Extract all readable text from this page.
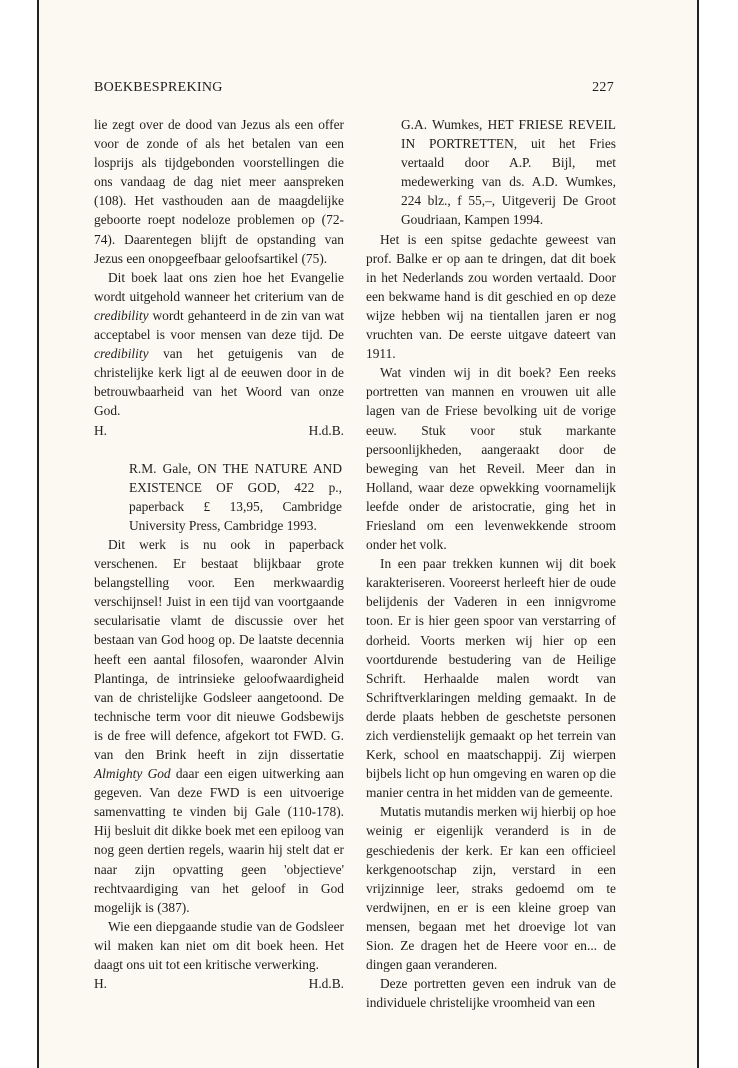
BOEKBESPREKING	227

lie zegt over de dood van Jezus als een offer voor de zonde of als het betalen van een losprijs als tijdgebonden voorstellingen die ons vandaag de dag niet meer aanspreken (108). Het vasthouden aan de maagdelijke geboorte roept nodeloze problemen op (72-74). Daarentegen blijft de opstanding van Jezus een onopgeefbaar geloofsartikel (75).

Dit boek laat ons zien hoe het Evangelie wordt uitgehold wanneer het criterium van de credibility wordt gehanteerd in de zin van wat acceptabel is voor mensen van deze tijd. De credibility van het getuigenis van de christelijke kerk ligt al de eeuwen door in de betrouwbaarheid van het Woord van onze God.

H.	H.d.B.

R.M. Gale, ON THE NATURE AND EXISTENCE OF GOD, 422 p., paperback £ 13,95, Cambridge University Press, Cambridge 1993.

Dit werk is nu ook in paperback verschenen. Er bestaat blijkbaar grote belangstelling voor. Een merkwaardig verschijnsel! Juist in een tijd van voortgaande secularisatie vlamt de discussie over het bestaan van God hoog op. De laatste decennia heeft een aantal filosofen, waaronder Alvin Plantinga, de intrinsieke geloofwaardigheid van de christelijke Godsleer aangetoond. De technische term voor dit nieuwe Godsbewijs is de free will defence, afgekort tot FWD. G. van den Brink heeft in zijn dissertatie Almighty God daar een eigen uitwerking aan gegeven. Van deze FWD is een uitvoerige samenvatting te vinden bij Gale (110-178). Hij besluit dit dikke boek met een epiloog van nog geen dertien regels, waarin hij stelt dat er naar zijn opvatting geen 'objectieve' rechtvaardiging van het geloof in God mogelijk is (387).

Wie een diepgaande studie van de Godsleer wil maken kan niet om dit boek heen. Het daagt ons uit tot een kritische verwerking.

H.	H.d.B.

G.A. Wumkes, HET FRIESE REVEIL IN PORTRETTEN, uit het Fries vertaald door A.P. Bijl, met medewerking van ds. A.D. Wumkes, 224 blz., f 55,–, Uitgeverij De Groot Goudriaan, Kampen 1994.

Het is een spitse gedachte geweest van prof. Balke er op aan te dringen, dat dit boek in het Nederlands zou worden vertaald. Door een bekwame hand is dit geschied en op deze wijze hebben wij na tientallen jaren er nog vruchten van. De eerste uitgave dateert van 1911.

Wat vinden wij in dit boek? Een reeks portretten van mannen en vrouwen uit alle lagen van de Friese bevolking uit de vorige eeuw. Stuk voor stuk markante persoonlijkheden, aangeraakt door de beweging van het Reveil. Meer dan in Holland, waar deze opwekking voornamelijk leefde onder de aristocratie, ging het in Friesland om een levenwekkende stroom onder het volk.

In een paar trekken kunnen wij dit boek karakteriseren. Vooreerst herleeft hier de oude belijdenis der Vaderen in een innigvrome toon. Er is hier geen spoor van verstarring of dorheid. Voorts merken wij hier op een voortdurende bestudering van de Heilige Schrift. Herhaalde malen wordt van Schriftverklaringen melding gemaakt. In de derde plaats hebben de geschetste personen zich verdienstelijk gemaakt op het terrein van Kerk, school en maatschappij. Zij wierpen bijbels licht op hun omgeving en waren op die manier centra in het midden van de gemeente.

Mutatis mutandis merken wij hierbij op hoe weinig er eigenlijk veranderd is in de geschiedenis der kerk. Er kan een officieel kerkgenootschap zijn, verstard in een vrijzinnige leer, straks gedoemd om te verdwijnen, en er is een kleine groep van mensen, begaan met het droevige lot van Sion. Ze dragen het de Heere voor en... de dingen gaan veranderen.

Deze portretten geven een indruk van de individuele christelijke vroomheid van een
